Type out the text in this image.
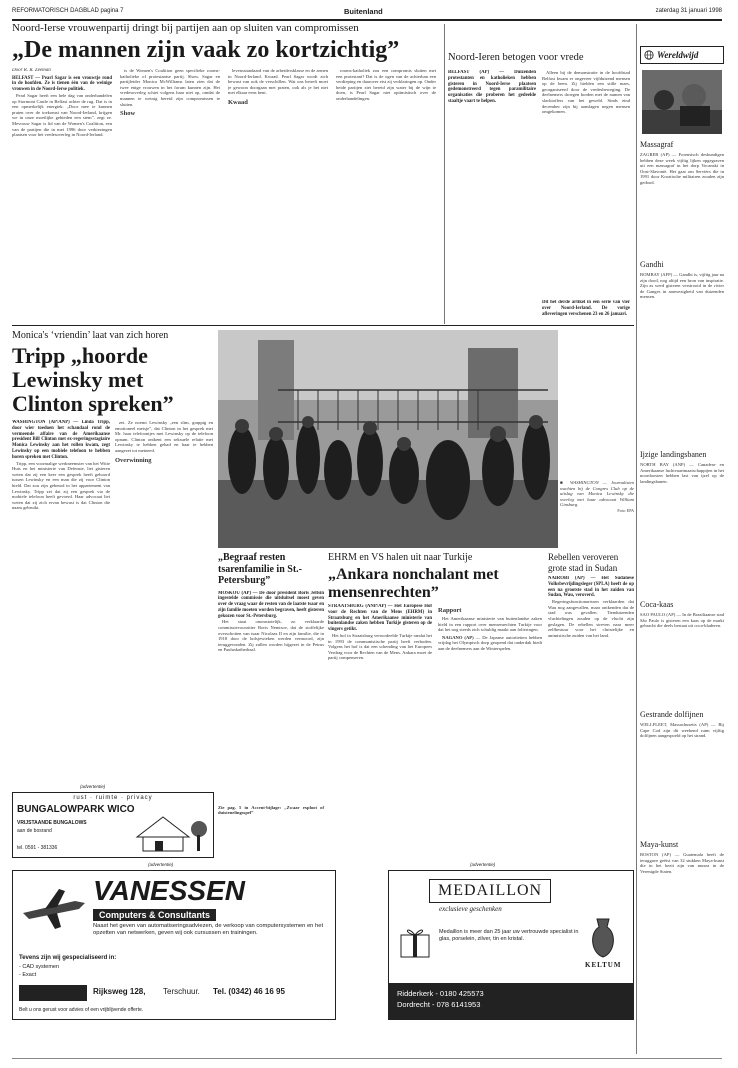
REFORMATORISCH DAGBLAD pagina 7	Buitenland	zaterdag 31 januari 1998
Noord-Ierse vrouwenpartij dringt bij partijen aan op sluiten van compromissen
„De mannen zijn vaak zo kortzichtig”
Door R. R. Zeeman
BELFAST — Pearl Sagar is een vrouwtje rond in de hoofden. Ze is tienen één van de weinige vrouwen in de Noord-Ierse politiek.

Pearl Sagar heeft een hele dag van onderhandelen op Stormont Castle in Belfast achter de rug. Dat is in een opmerkelijk energiek. „Door mee te kunnen praten over de toekomst van Noord-Ierland, krijgen we in onze moeilijke gebieden een stem”, zegt ze. Mevrouw Sagar is lid van de Women's Coalition, een van de partijen die in mei 1996 door verkiezingen plaatsen voor het vredesoverleg in Noord-Ierland.

is de Women's Coalition geen specifieke rooms-katholieke of protestantse partij. Show. Sagar en partijleider Monica McWilliams laten zien dat de twee enige vrouwen in het forum kunnen zijn. Het vredesoverleg schiet volgens haar niet op, omdat de mannen te weinig bereid zijn compromissen te sluiten.

Show

levensstandaard van de arbeidersklasse en de armen in Noord-Ierland. Kwaad. Pearl Sagar wordt zich bewust van ook de verschillen. Wat ons betreft moet je gewoon doorgaan met praten, ook als je het niet met elkaar eens bent.

Kwaad

rooms-katholiek zou een compromis sluiten met een protestant? Dat is de ogen van de achterban een verdieping en daarover eist zij verklaringen op. Onder beide partijen ziet bereid zijn water bij de wijn te doen, is Pearl Sagar niet optimistisch over de onderhandelingen.

Noord-Ieren betogen voor vrede
BELFAST (AP) — Duizenden protestanten en katholieken hebben gisteren in Noord-Ierse plaatsen gedemonstreerd tegen paramilitaire organisaties die proberen het gedeelde staaltje vaart te helpen.

Alleen bij de demonstratie in de hoofdstad Belfast kwam er ongeveer vijfduizend mensen op de been. Zij hielden een stille mars, georganiseerd door de vredesbeweging. De deelnemers droegen borden met de namen van slachtoffers van het geweld. Sinds eind december zijn bij aanslagen negen mensen omgekomen.

Dit het derde artikel in een serie van vier over Noord-Ierland. De vorige afleveringen verschenen 23 en 26 januari.
Wereldwijd
Massagraf
ZAGREB (AP) — Forensisch deskundigen hebben deze week vijftig lijken opgegraven uit een massagraf in het dorp Vocanski in Oost-Slavonië. Het gaat om Serviërs die in 1991 door Kroatische militairen zouden zijn gedood.
Gandhi
BOMBAY (AFP) — Gandhi is, vijftig jaar na zijn dood, nog altijd een bron van inspiratie. Zijn as werd gisteren verstrooid in de rivier de Ganges in aanwezigheid van duizenden mensen.
Ijzige landingsbanen
NORTH BAY (ANP) — Canadese en Amerikaanse luchtvaartmaatschappijen in het noordoosten hebben last van ijzel op de landingsbanen.
Coca-kaas
SAO PAULO (AP) — In de Braziliaanse stad São Paulo is gisteren een kaas op de markt gebracht die deels bestaat uit coca-bladeren.
Gestrande dolfijnen
WELLFLEET, Massachusetts (AP) — Bij Cape Cod zijn dit weekend ruim vijftig dolfijnen aangespoeld op het strand.
Maya-kunst
BOSTON (AP) — Guatemala heeft de teruggave geëist van 32 stukken Maya-kunst die in het bezit zijn van musea in de Verenigde Staten.
Monica's ‘vriendin’ laat van zich horen
Tripp „hoorde Lewinsky met Clinton spreken”
WASHINGTON (AP/ANP) — Linda Tripp, door wier toedoen het schandaal rond de vermeende affaire van de Amerikaanse president Bill Clinton met ex-regeringsstagiaire Monica Lewinsky aan het rollen kwam, zegt Lewinsky op een mobiele telefoon te hebben horen spreken met Clinton.

Tripp, een voormalige werkneemster van het Witte Huis en het ministerie van Defensie, liet gisteren weten dat zij een keer een gesprek heeft gehoord tussen Lewinsky en een man die zij voor Clinton hield. Dat zou zijn gebeurd in het appartement van Lewinsky. Tripp zei dat zij een gesprek via de mobiele telefoon heeft gevoerd. Haar advocaat liet weten dat zij zich ervan bewust is dat Clinton die naam gebruikt.

zei. Ze noemt Lewinsky „een slim, grappig en emotioneel meisje”, dat Clinton in het gesprek met Mr. haar telefoontjes met Lewinsky op de telefoon opnam. Clinton ontkent een seksuele relatie met Lewinsky te hebben gehad en haar te hebben aangezet tot meineed.

Overwinning
■ WASHINGTON — Journalisten wachten bij de Congres Club op de uitslag van Monica Lewinsky die overleg met haar advocaat William Ginsburg.
Foto: EPA
„Begraaf resten tsarenfamilie in St.-Petersburg”
MOSKOU (AP) — De door president Boris Jeltsin ingestelde commissie die uitsluitsel moest geven over de vraag waar de resten van de laatste tsaar en zijn familie moeten worden begraven, heeft gisteren gekozen voor St.-Petersburg.

Het staat onomstotelijk, zo verklaarde commissievoorzitter Boris Nemtsov, dat de stoffelijke overschotten van tsaar Nicolaas II en zijn familie, die in 1918 door de bolsjewieken werden vermoord, zijn teruggevonden. Zij zullen worden bijgezet in de Petrus en Pauluskathedraal.

Zie pag. 5 in Accent-bijlage: „Zwaar exploot of duistenelingsspel”
EHRM en VS halen uit naar Turkije
„Ankara nonchalant met mensenrechten”
STRAATSBURG (ANP/AP) — Het Europese Hof voor de Rechten van de Mens (EHRM) in Straatsburg en het Amerikaanse ministerie van buitenlandse zaken hebben Turkije gisteren op de vingers getikt.

Het hof in Straatsburg veroordeelde Turkije omdat het in 1993 de communistische partij heeft verboden. Volgens het hof is dat een schending van het Europees Verdrag voor de Rechten van de Mens. Ankara moet de partij compenseren.

Rapport

Het Amerikaanse ministerie van buitenlandse zaken hield in een rapport over mensenrechten Turkije voor dat het nog steeds zich schuldig maakt aan folteringen.

NAGANO (AP) — De Japanse autoriteiten hebben vrijdag het Olympisch dorp geopend dat onderdak biedt aan de deelnemers aan de Winterspelen.

Rebellen veroveren grote stad in Sudan
NAIROBI (AP) — Het Sudanese Volksbevrijdingsleger (SPLA) heeft de op een na grootste stad in het zuiden van Sudan, Wau, veroverd.

Regeringsfunctionarissen verklaarden dat Wau nog aangevallen, maar ontkenden dat de stad was gevallen. Tienduizenden vluchtelingen zouden op de vlucht zijn geslagen. De rebellen streven naar meer zelfbestuur voor het christelijke en animistische zuiden van het land.

(advertentie)
rust · ruimte · privacy
BUNGALOWPARK WICO
VRIJSTAANDE BUNGALOWS
aan de bosrand
tel. 0591 - 381336
(advertentie)
VANESSEN
Computers & Consultants
Naast het geven van automatiseringsadviezen, de verkoop van computersystemen en het opzetten van netwerken, geven wij ook cursussen en trainingen.
Tevens zijn wij gespecialiseerd in:
- CAD systemen
- Exact
Rijksweg 128, Terschuur. Tel. (0342) 46 16 95
Belt u ons gerust voor advies of een vrijblijvende offerte.
(advertentie)
MEDAILLON
exclusieve geschenken
KELTUM
Medaillon is meer dan 25 jaar uw vertrouwde specialist in glas, porselein, zilver, tin en kristal.
Ridderkerk - 0180 425573
Dordrecht - 078 6141953
